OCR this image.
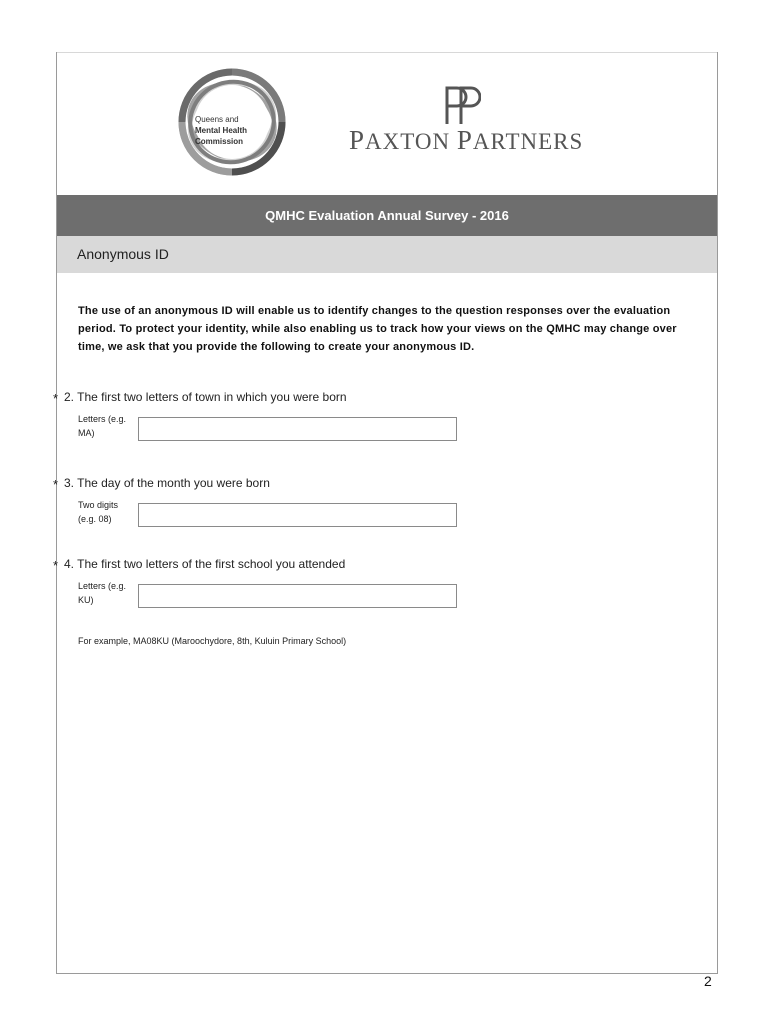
Queens and
Mental Health
Commission	PAXTON PARTNERS
QMHC Evaluation Annual Survey - 2016
Anonymous ID
The use of an anonymous ID will enable us to identify changes to the question responses over the evaluation period. To protect your identity, while also enabling us to track how your views on the QMHC may change over time, we ask that you provide the following to create your anonymous ID.
* 2. The first two letters of town in which you were born
Letters (e.g. MA)
* 3. The day of the month you were born
Two digits (e.g. 08)
* 4. The first two letters of the first school you attended
Letters (e.g. KU)
For example, MA08KU (Maroochydore, 8th, Kuluin Primary School)
2
